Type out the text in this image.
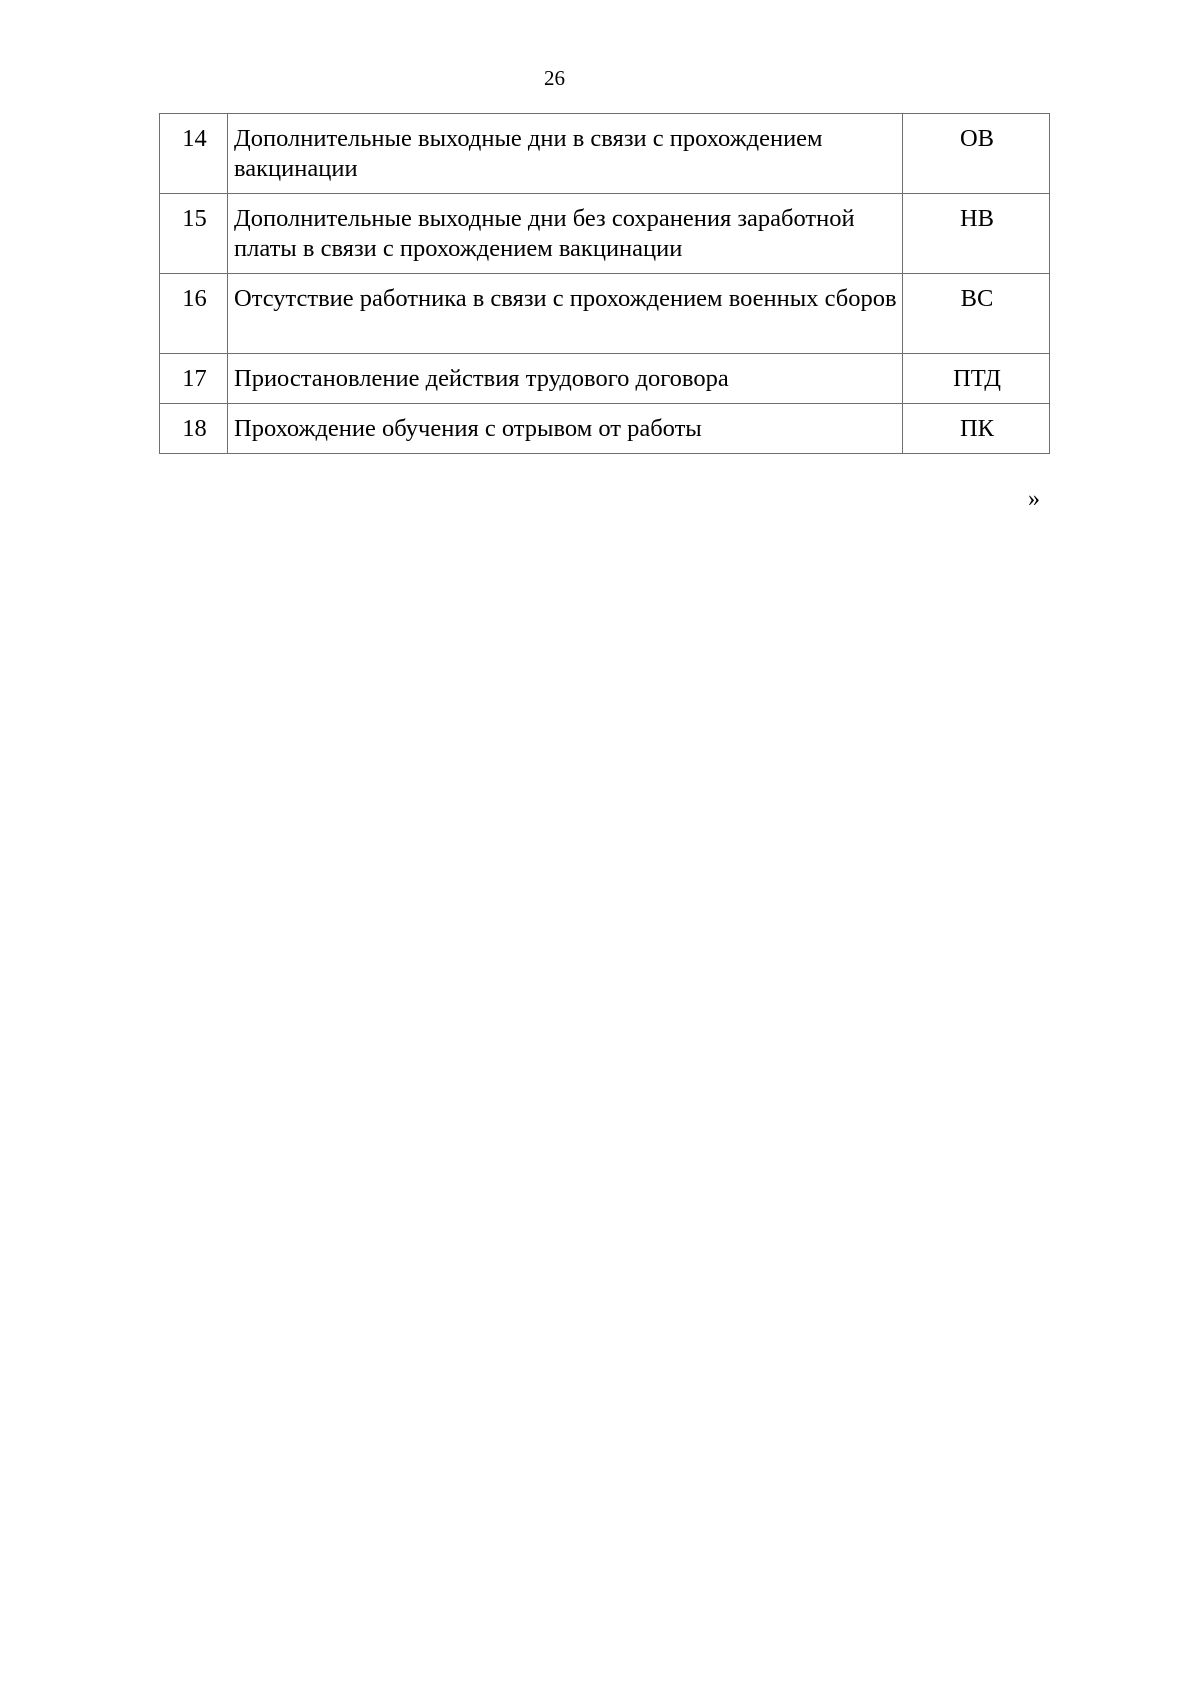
26
14	Дополнительные выходные дни в связи с прохождением вакцинации	ОВ
15	Дополнительные выходные дни без сохранения заработной платы в связи с прохождением вакцинации	НВ
16	Отсутствие работника в связи с прохождением военных сборов	ВС
17	Приостановление действия трудового договора	ПТД
18	Прохождение обучения с отрывом от работы	ПК
»
